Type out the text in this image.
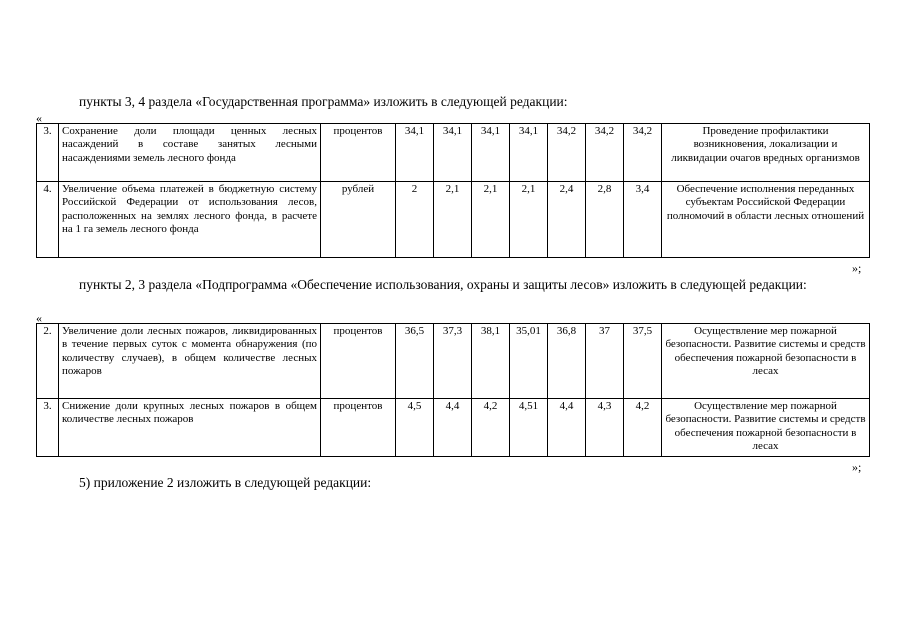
пункты 3, 4 раздела «Государственная программа» изложить в следующей редакции:
«
3.	Сохранение доли площади ценных лесных насаждений в составе занятых лесными насаждениями земель лесного фонда	процентов	34,1	34,1	34,1	34,1	34,2	34,2	34,2	Проведение профилактики возникновения, локализации и ликвидации очагов вредных организмов
4.	Увеличение объема платежей в бюджетную систему Российской Федерации от использования лесов, расположенных на землях лесного фонда, в расчете на 1 га земель лесного фонда	рублей	2	2,1	2,1	2,1	2,4	2,8	3,4	Обеспечение исполнения переданных субъектам Российской Федерации полномочий в области лесных отношений
»;
пункты 2, 3 раздела «Подпрограмма «Обеспечение использования, охраны и защиты лесов» изложить в следующей редакции:
«
2.	Увеличение доли лесных пожаров, ликвидированных в течение первых суток с момента обнаружения (по количеству случаев), в общем количестве лесных пожаров	процентов	36,5	37,3	38,1	35,01	36,8	37	37,5	Осуществление мер пожарной безопасности. Развитие системы и средств обеспечения пожарной безопасности в лесах
3.	Снижение доли крупных лесных пожаров в общем количестве лесных пожаров	процентов	4,5	4,4	4,2	4,51	4,4	4,3	4,2	Осуществление мер пожарной безопасности. Развитие системы и средств обеспечения пожарной безопасности в лесах
»;
5) приложение 2 изложить в следующей редакции:
